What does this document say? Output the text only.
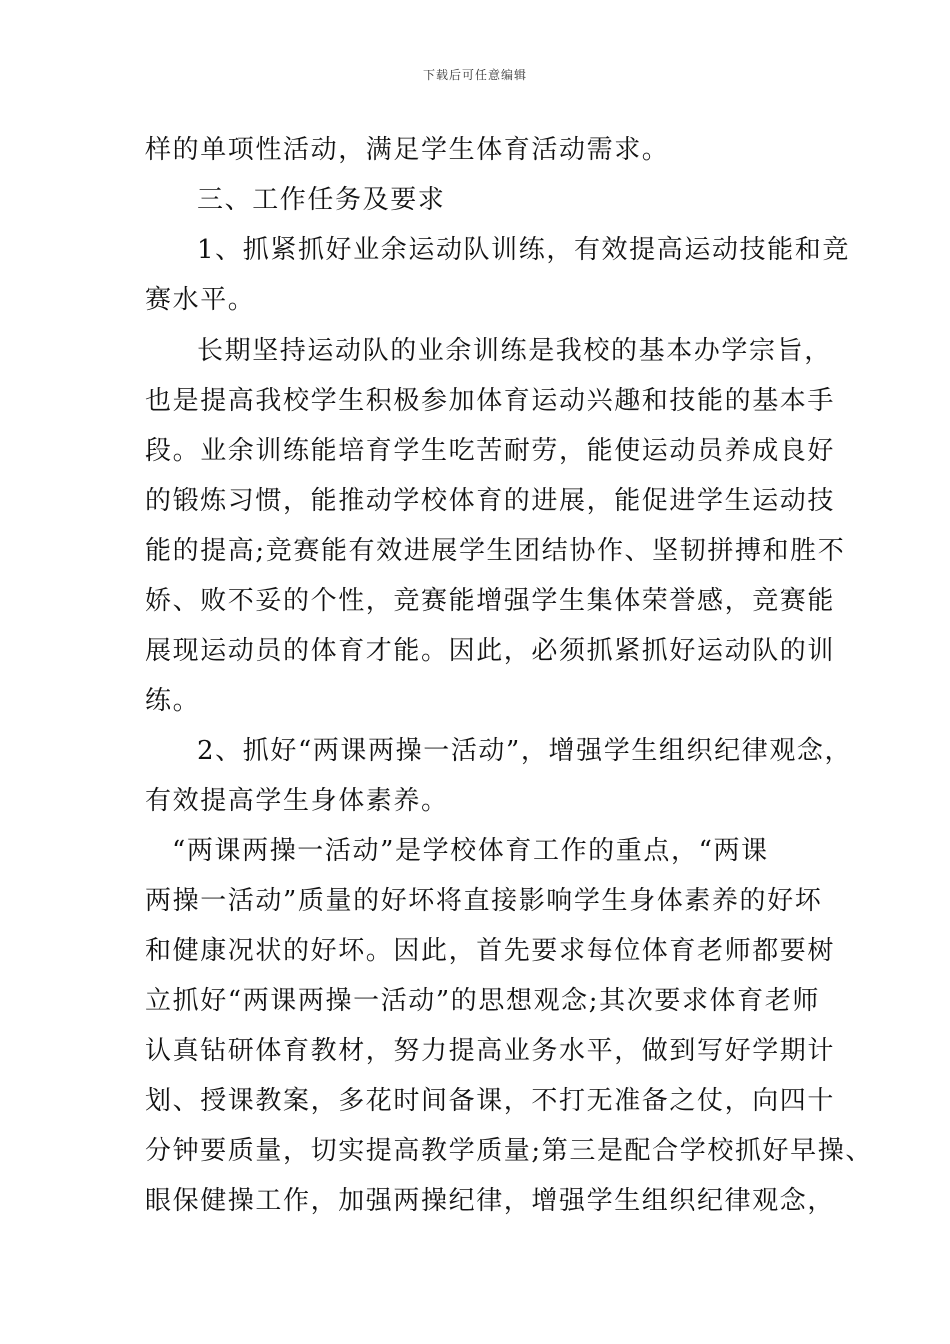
下载后可任意编辑
样的单项性活动，满足学生体育活动需求。
三、工作任务及要求
1、抓紧抓好业余运动队训练，有效提高运动技能和竞
赛水平。
长期坚持运动队的业余训练是我校的基本办学宗旨，
也是提高我校学生积极参加体育运动兴趣和技能的基本手
段。业余训练能培育学生吃苦耐劳，能使运动员养成良好
的锻炼习惯，能推动学校体育的进展，能促进学生运动技
能的提高;竞赛能有效进展学生团结协作、坚韧拼搏和胜不
娇、败不妥的个性，竞赛能增强学生集体荣誉感，竞赛能
展现运动员的体育才能。因此，必须抓紧抓好运动队的训
练。
2、抓好“两课两操一活动”，增强学生组织纪律观念，
有效提高学生身体素养。
“两课两操一活动”是学校体育工作的重点，“两课
两操一活动”质量的好坏将直接影响学生身体素养的好坏
和健康况状的好坏。因此，首先要求每位体育老师都要树
立抓好“两课两操一活动”的思想观念;其次要求体育老师
认真钻研体育教材，努力提高业务水平，做到写好学期计
划、授课教案，多花时间备课，不打无准备之仗，向四十
分钟要质量，切实提高教学质量;第三是配合学校抓好早操、
眼保健操工作，加强两操纪律，增强学生组织纪律观念，
